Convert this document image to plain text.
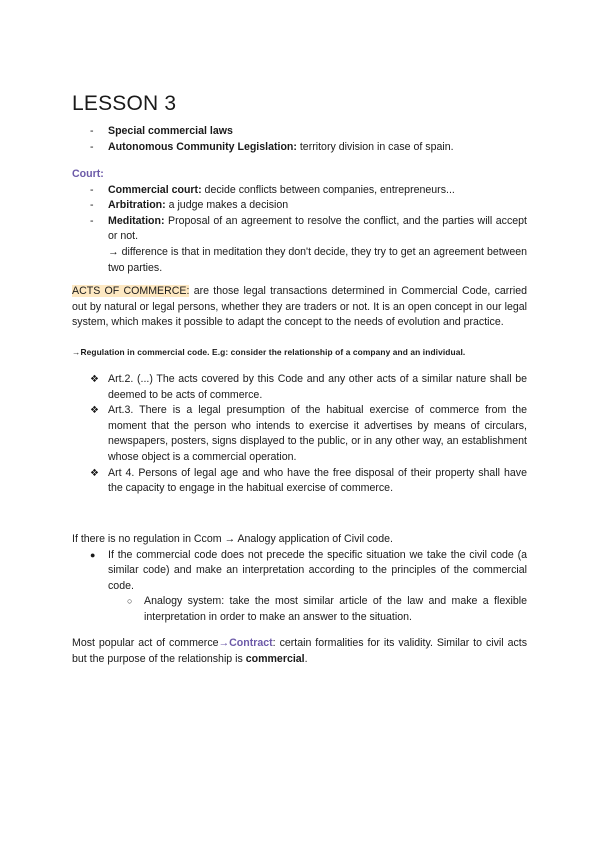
LESSON 3
- Special commercial laws
- Autonomous Community Legislation: territory division in case of spain.
Court:
- Commercial court: decide conflicts between companies, entrepreneurs...
- Arbitration: a judge makes a decision
- Meditation: Proposal of an agreement to resolve the conflict, and the parties will accept or not.
→ difference is that in meditation they don't decide, they try to get an agreement between two parties.
ACTS OF COMMERCE: are those legal transactions determined in Commercial Code, carried out by natural or legal persons, whether they are traders or not. It is an open concept in our legal system, which makes it possible to adapt the concept to the needs of evolution and practice.
→Regulation in commercial code. E.g: consider the relationship of a company and an individual.
❖ Art.2. (...) The acts covered by this Code and any other acts of a similar nature shall be deemed to be acts of commerce.
❖ Art.3. There is a legal presumption of the habitual exercise of commerce from the moment that the person who intends to exercise it advertises by means of circulars, newspapers, posters, signs displayed to the public, or in any other way, an establishment whose object is a commercial operation.
❖ Art 4. Persons of legal age and who have the free disposal of their property shall have the capacity to engage in the habitual exercise of commerce.
If there is no regulation in Ccom → Analogy application of Civil code.
● If the commercial code does not precede the specific situation we take the civil code (a similar code) and make an interpretation according to the principles of the commercial code.
○ Analogy system: take the most similar article of the law and make a flexible interpretation in order to make an answer to the situation.
Most popular act of commerce→Contract: certain formalities for its validity. Similar to civil acts but the purpose of the relationship is commercial.
